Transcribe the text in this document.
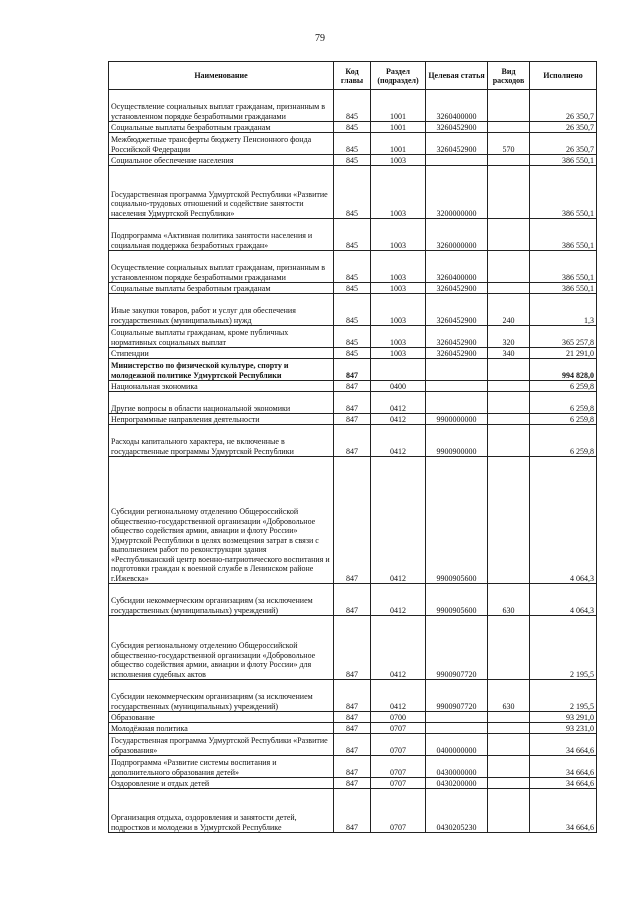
79
Наименование	Код главы	Раздел (подраздел)	Целевая статья	Вид расходов	Исполнено
Осуществление социальных выплат гражданам, признанным в установленном порядке безработными гражданами	845	1001	3260400000		26 350,7
Социальные выплаты безработным гражданам	845	1001	3260452900		26 350,7
Межбюджетные трансферты бюджету Пенсионного фонда Российской Федерации	845	1001	3260452900	570	26 350,7
Социальное обеспечение населения	845	1003			386 550,1
Государственная программа Удмуртской Республики «Развитие социально-трудовых отношений и содействие занятости населения Удмуртской Республики»	845	1003	3200000000		386 550,1
Подпрограмма «Активная политика занятости населения и социальная поддержка безработных граждан»	845	1003	3260000000		386 550,1
Осуществление социальных выплат гражданам, признанным в установленном порядке безработными гражданами	845	1003	3260400000		386 550,1
Социальные выплаты безработным гражданам	845	1003	3260452900		386 550,1
Иные закупки товаров, работ и услуг для обеспечения государственных (муниципальных) нужд	845	1003	3260452900	240	1,3
Социальные выплаты гражданам, кроме публичных нормативных социальных выплат	845	1003	3260452900	320	365 257,8
Стипендии	845	1003	3260452900	340	21 291,0
Министерство по физической культуре, спорту и молодежной политике Удмуртской Республики	847				994 828,0
Национальная экономика	847	0400			6 259,8
Другие вопросы в области национальной экономики	847	0412			6 259,8
Непрограммные направления деятельности	847	0412	9900000000		6 259,8
Расходы капитального характера, не включенные в государственные программы Удмуртской Республики	847	0412	9900900000		6 259,8
Субсидии региональному отделению Общероссийской общественно-государственной организации «Добровольное общество содействия армии, авиации и флоту России» Удмуртской Республики в целях возмещения затрат в связи с выполнением работ по реконструкции здания «Республиканский центр военно-патриотического воспитания и подготовки граждан к военной службе в Ленинском районе г.Ижевска»	847	0412	9900905600		4 064,3
Субсидии некоммерческим организациям (за исключением государственных (муниципальных) учреждений)	847	0412	9900905600	630	4 064,3
Субсидия региональному отделению Общероссийской общественно-государственной организации «Добровольное общество содействия армии, авиации и флоту России» для исполнения судебных актов	847	0412	9900907720		2 195,5
Субсидии некоммерческим организациям (за исключением государственных (муниципальных) учреждений)	847	0412	9900907720	630	2 195,5
Образование	847	0700			93 291,0
Молодёжная политика	847	0707			93 231,0
Государственная программа Удмуртской Республики «Развитие образования»	847	0707	0400000000		34 664,6
Подпрограмма «Развитие системы воспитания и дополнительного образования детей»	847	0707	0430000000		34 664,6
Оздоровление и отдых детей	847	0707	0430200000		34 664,6
Организация отдыха, оздоровления и занятости детей, подростков и молодежи в Удмуртской Республике	847	0707	0430205230		34 664,6
